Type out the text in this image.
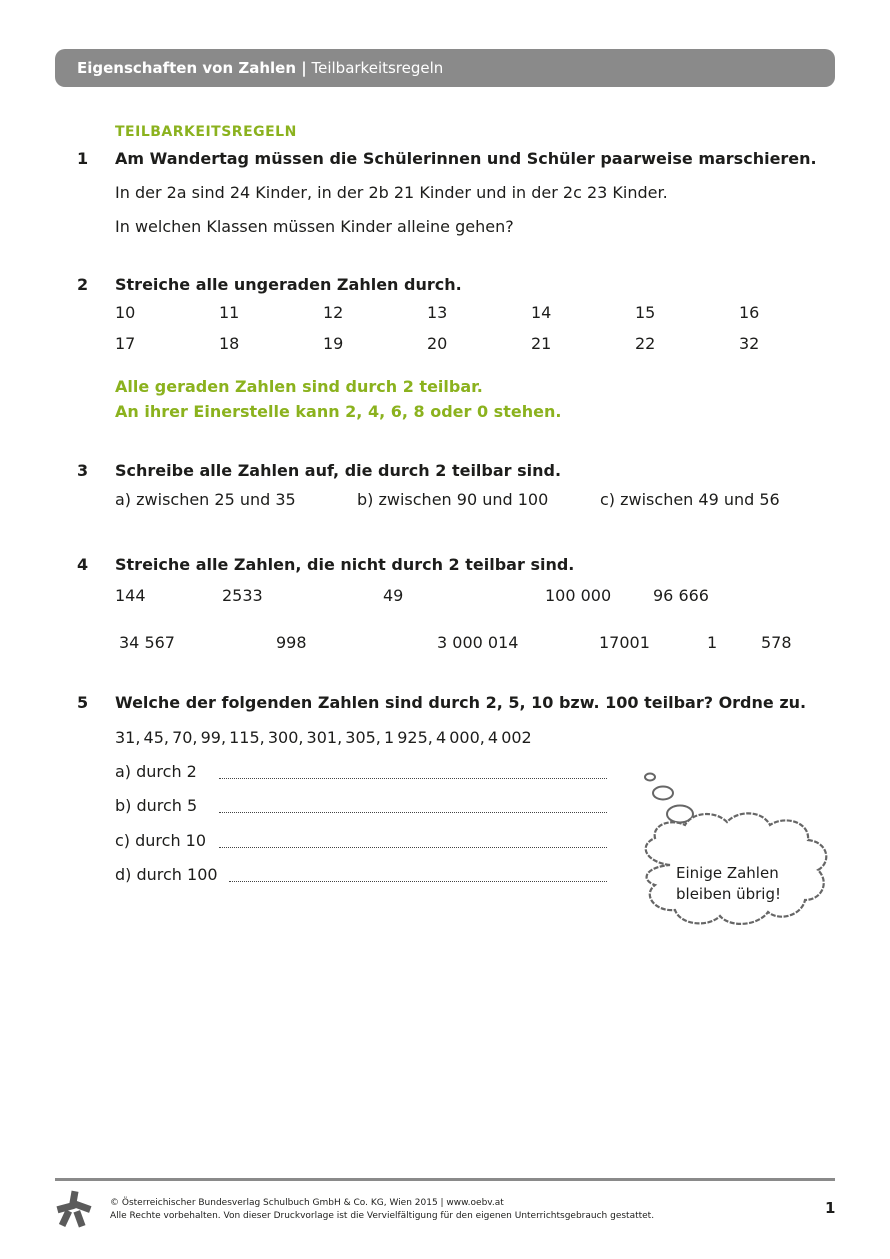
Eigenschaften von Zahlen | Teilbarkeitsregeln
TEILBARKEITSREGELN
1 Am Wandertag müssen die Schülerinnen und Schüler paarweise marschieren.
In der 2a sind 24 Kinder, in der 2b 21 Kinder und in der 2c 23 Kinder.
In welchen Klassen müssen Kinder alleine gehen?
2 Streiche alle ungeraden Zahlen durch.
10	11	12	13	14	15	16
17	18	19	20	21	22	32
Alle geraden Zahlen sind durch 2 teilbar.
An ihrer Einerstelle kann 2, 4, 6, 8 oder 0 stehen.
3 Schreibe alle Zahlen auf, die durch 2 teilbar sind.
a) zwischen 25 und 35	b) zwischen 90 und 100	c) zwischen 49 und 56
4 Streiche alle Zahlen, die nicht durch 2 teilbar sind.
144	2533	49	100 000	96 666
34 567	998	3 000 014	17001	1	578
5 Welche der folgenden Zahlen sind durch 2, 5, 10 bzw. 100 teilbar? Ordne zu.
31, 45, 70, 99, 115, 300, 301, 305, 1 925, 4 000, 4 002
a) durch 2
b) durch 5
c) durch 10
d) durch 100	Einige Zahlen
bleiben übrig!
© Österreichischer Bundesverlag Schulbuch GmbH & Co. KG, Wien 2015 | www.oebv.at
Alle Rechte vorbehalten. Von dieser Druckvorlage ist die Vervielfältigung für den eigenen Unterrichtsgebrauch gestattet.	1
